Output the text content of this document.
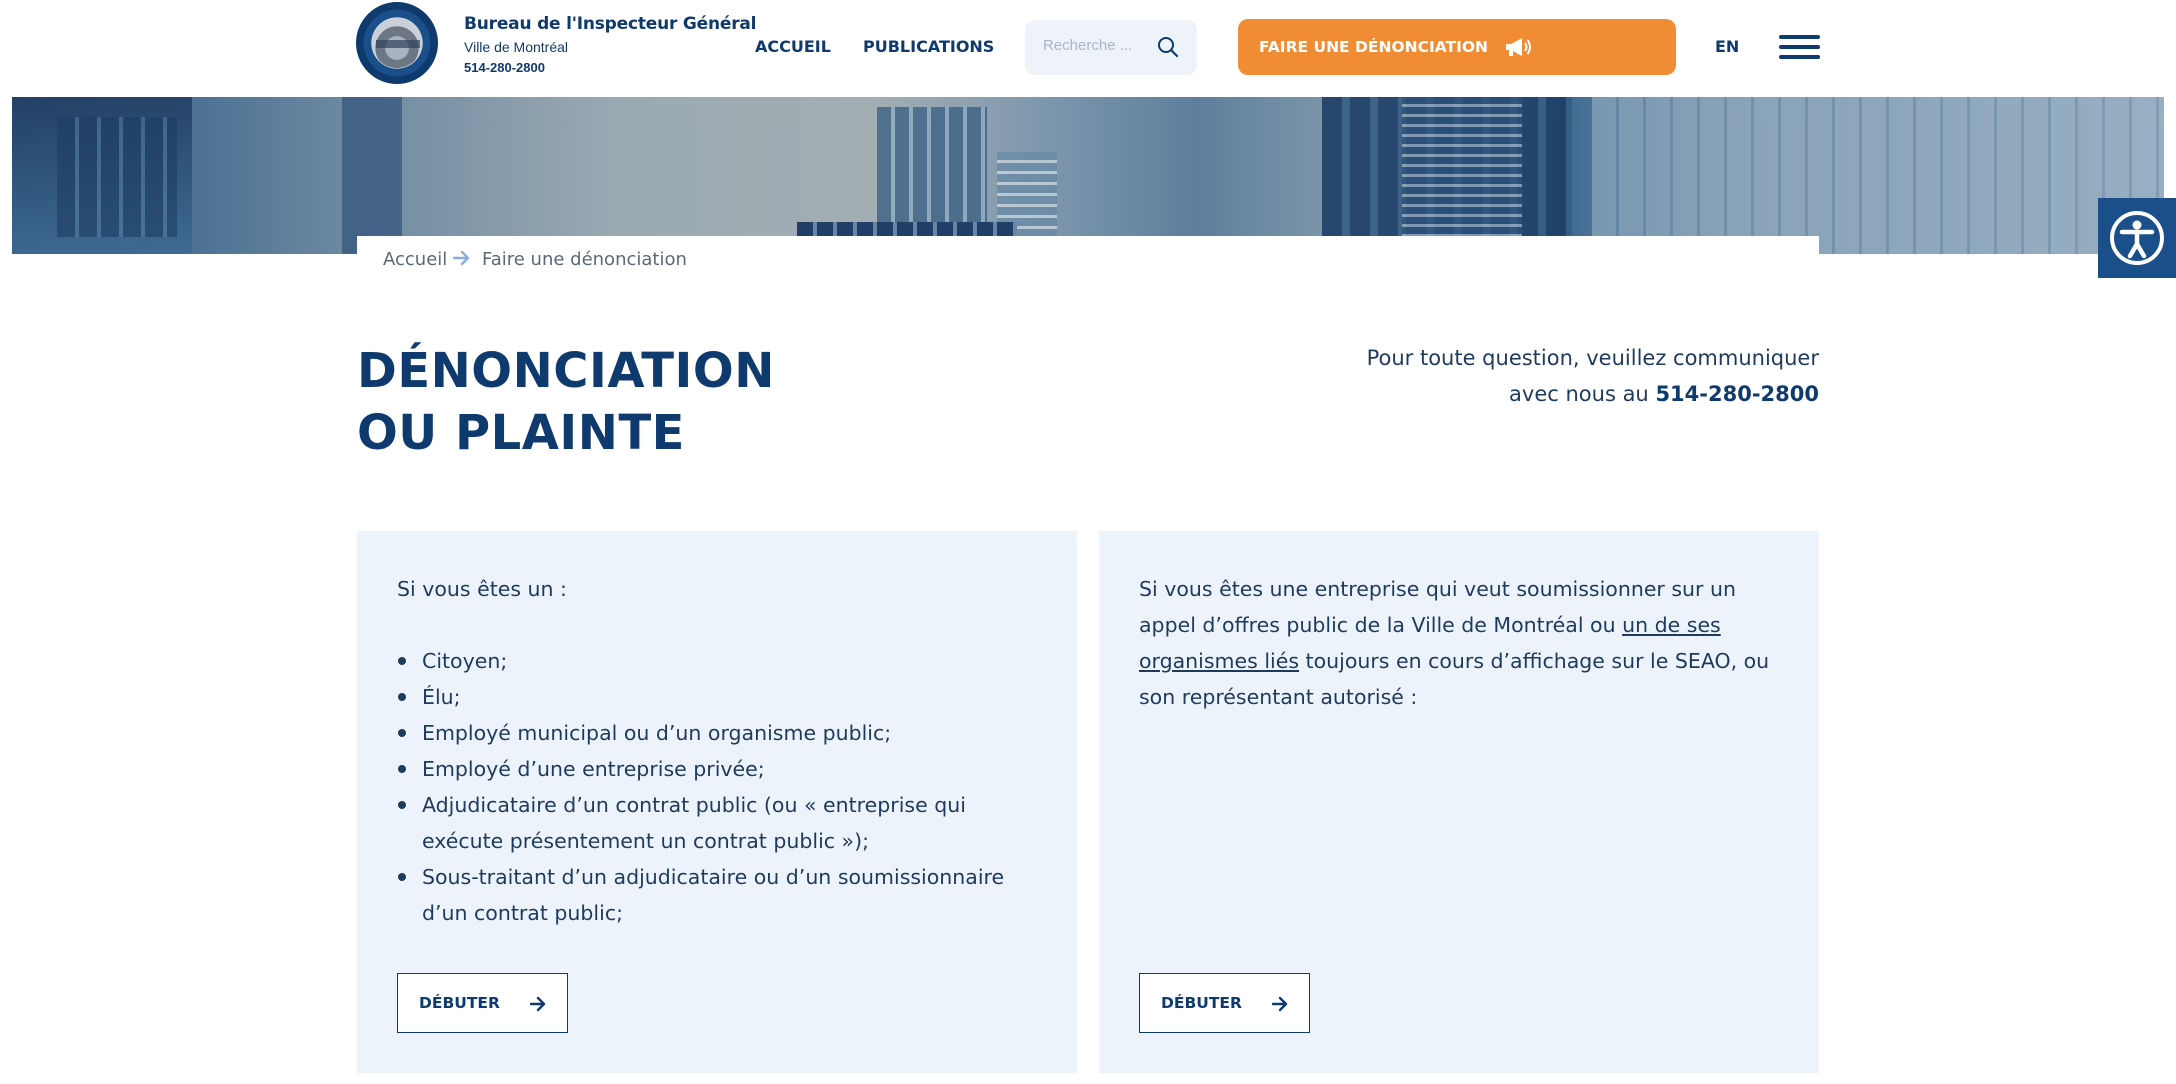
Bureau de l'Inspecteur Général
Ville de Montréal
514-280-2800
ACCUEIL PUBLICATIONS
Recherche ...	FAIRE UNE DÉNONCIATION	EN
Accueil Faire une dénonciation
DÉNONCIATION
OU PLAINTE
Pour toute question, veuillez communiquer
avec nous au 514-280-2800

Si vous êtes un :

Citoyen;
Élu;
Employé municipal ou d’un organisme public;
Employé d’une entreprise privée;
Adjudicataire d’un contrat public (ou « entreprise qui exécute présentement un contrat public »);
Sous-traitant d’un adjudicataire ou d’un soumissionnaire d’un contrat public;
DÉBUTER

Si vous êtes une entreprise qui veut soumissionner sur un appel d’offres public de la Ville de Montréal ou un de ses organismes liés toujours en cours d’affichage sur le SEAO, ou son représentant autorisé :

DÉBUTER
